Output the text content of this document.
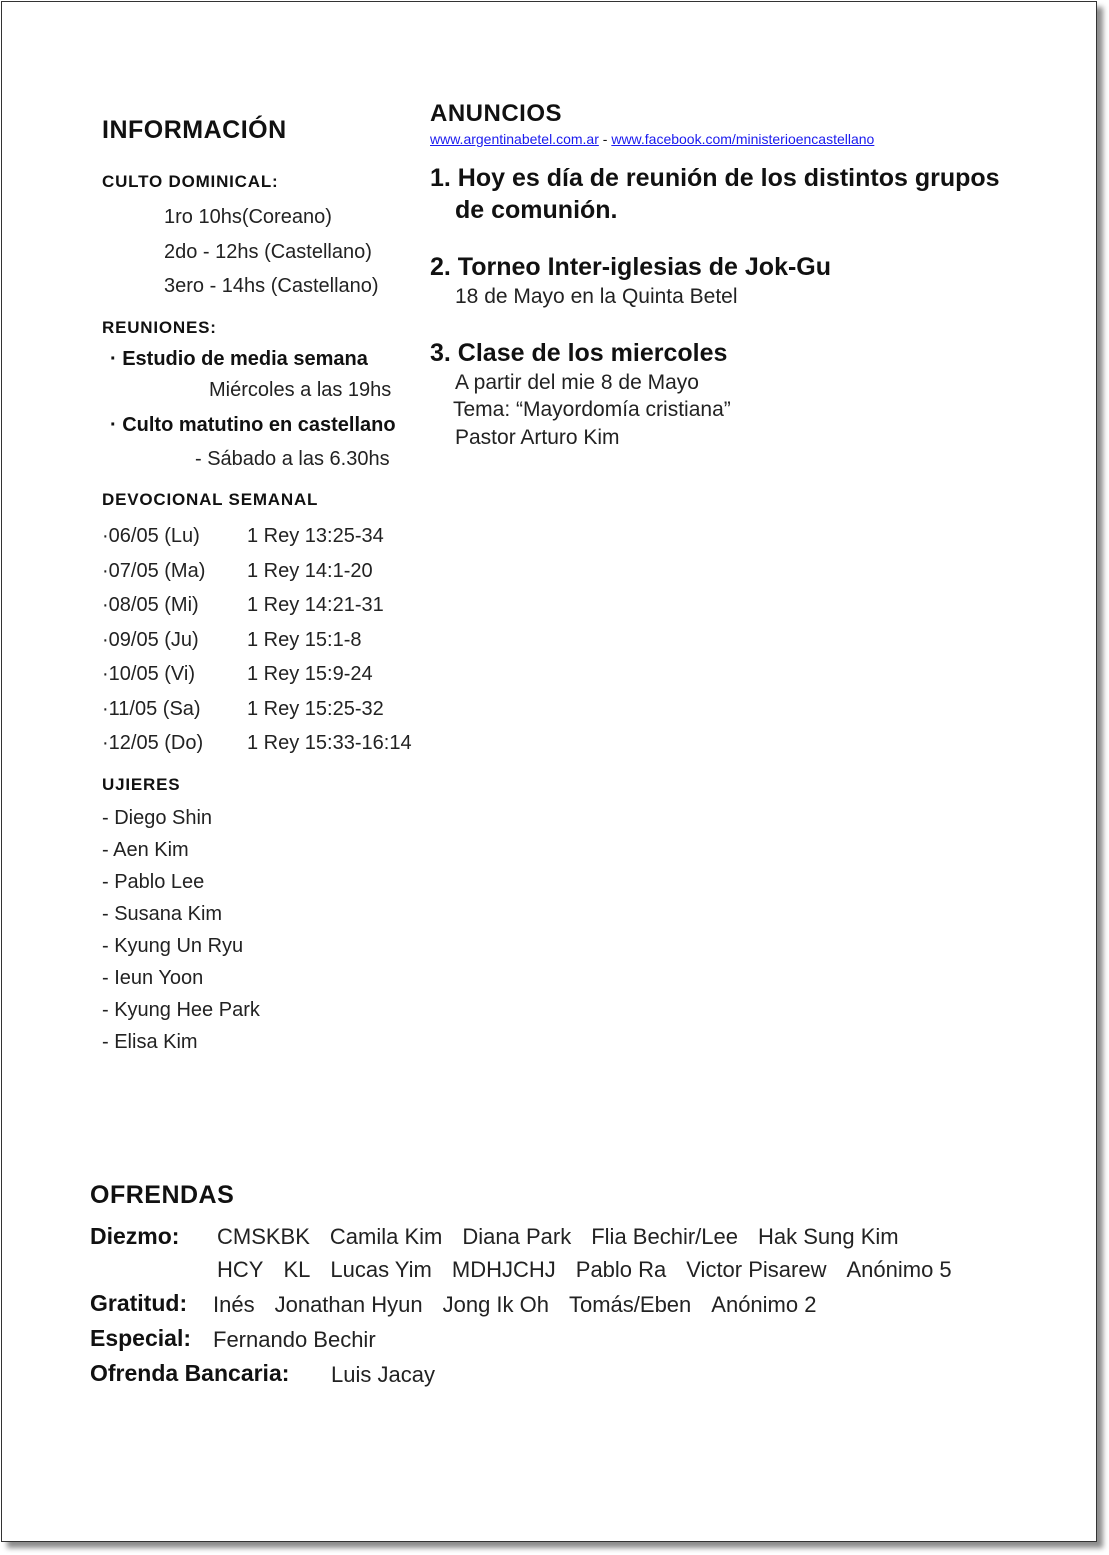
INFORMACIÓN
CULTO DOMINICAL:
1ro 10hs(Coreano)
2do - 12hs (Castellano)
3ero - 14hs (Castellano)
REUNIONES:
· Estudio de media semana
Miércoles a las 19hs
· Culto matutino en castellano
- Sábado a las 6.30hs
DEVOCIONAL SEMANAL
·06/05 (Lu) 1 Rey 13:25-34
·07/05 (Ma) 1 Rey 14:1-20
·08/05 (Mi) 1 Rey 14:21-31
·09/05 (Ju) 1 Rey 15:1-8
·10/05 (Vi)	1 Rey 15:9-24
·11/05 (Sa) 1 Rey 15:25-32
·12/05 (Do) 1 Rey 15:33-16:14
UJIERES
- Diego Shin
- Aen Kim
- Pablo Lee
- Susana Kim
- Kyung Un Ryu
- Ieun Yoon
- Kyung Hee Park
- Elisa Kim
ANUNCIOS
www.argentinabetel.com.ar - www.facebook.com/ministerioencastellano
1. Hoy es día de reunión de los distintos grupos
de comunión.
2. Torneo Inter-iglesias de Jok-Gu
18 de Mayo en la Quinta Betel
3. Clase de los miercoles
A partir del mie 8 de Mayo
Tema: “Mayordomía cristiana”
Pastor Arturo Kim
OFRENDAS
Diezmo: CMSKBK Camila Kim Diana Park Flia Bechir/Lee Hak Sung Kim
HCY KL Lucas Yim MDHJCHJ Pablo Ra Victor Pisarew Anónimo 5
Gratitud: Inés Jonathan Hyun Jong Ik Oh Tomás/Eben Anónimo 2
Especial: Fernando Bechir
Ofrenda Bancaria: Luis Jacay
